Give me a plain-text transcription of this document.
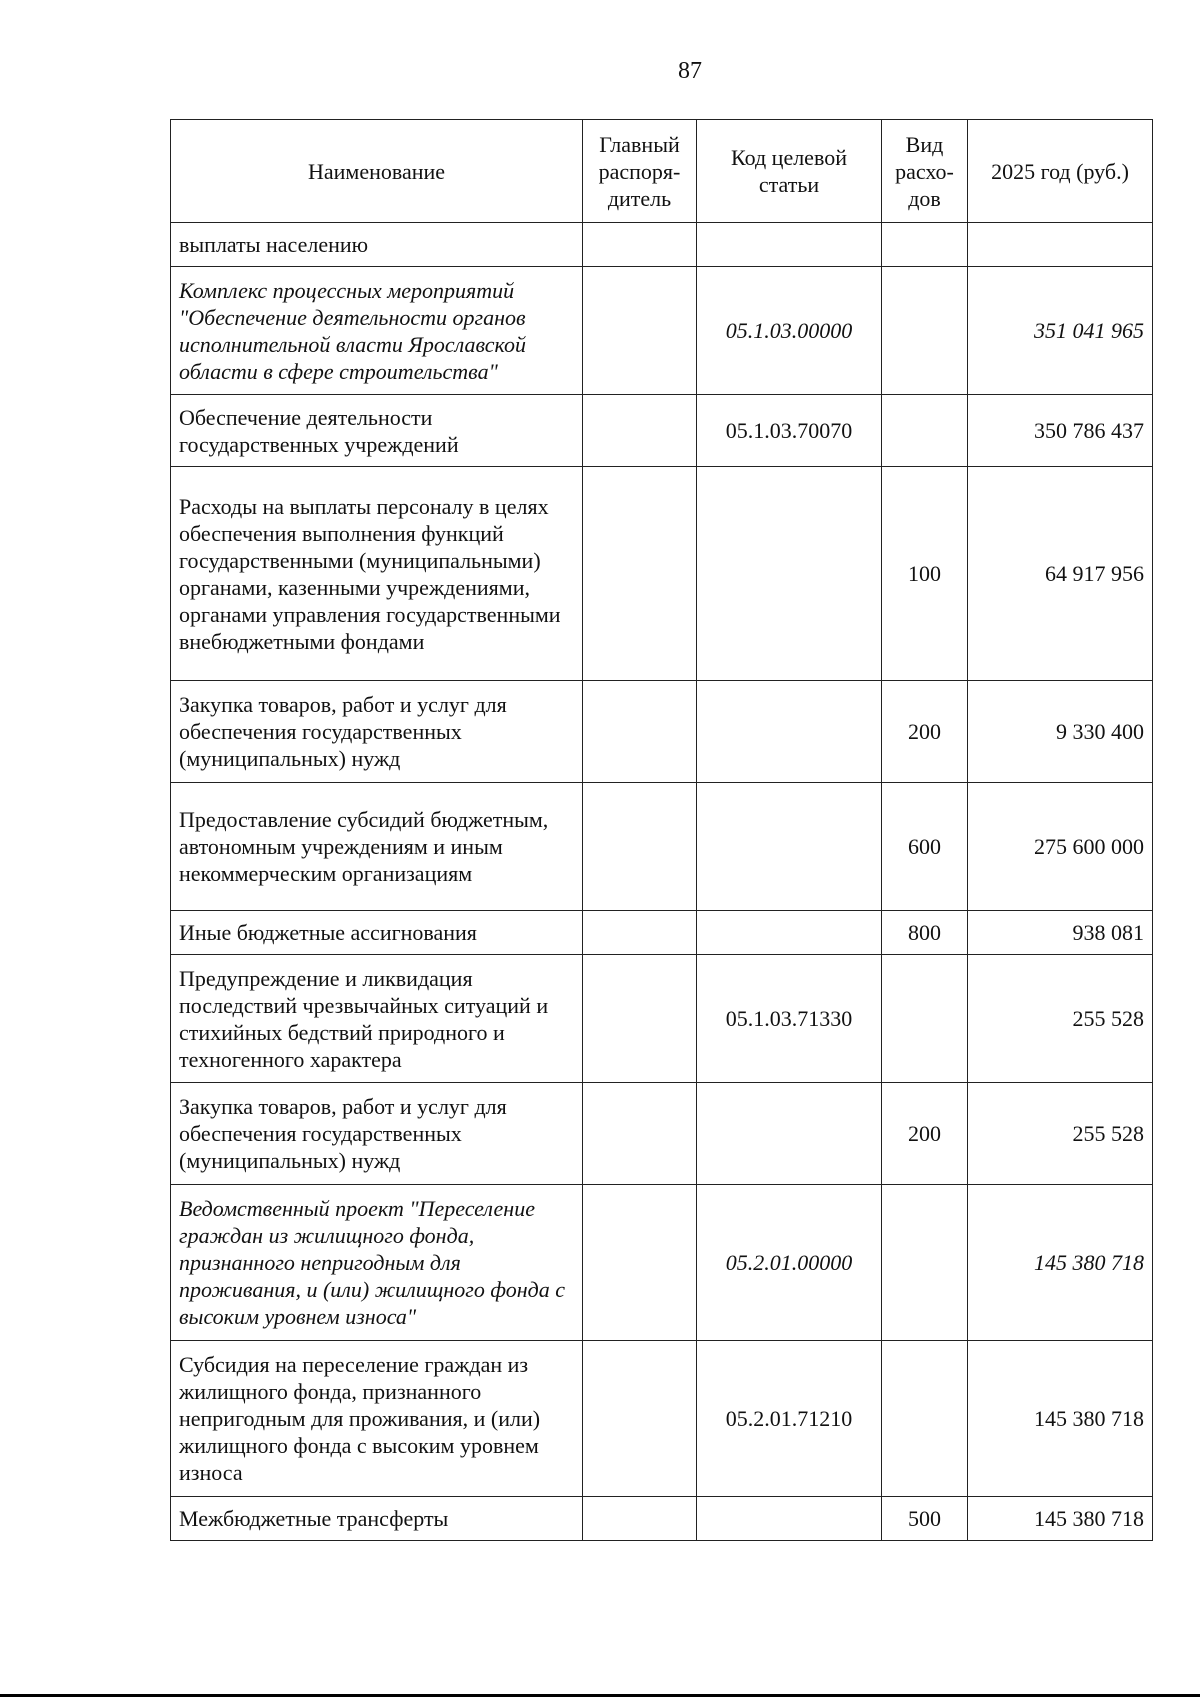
87
Наименование	Главный распоря-дитель	Код целевой статьи	Вид расхо-дов	2025 год (руб.)
выплаты населению				
Комплекс процессных мероприятий "Обеспечение деятельности органов исполнительной власти Ярославской области в сфере строительства"		05.1.03.00000		351 041 965
Обеспечение деятельности государственных учреждений		05.1.03.70070		350 786 437
Расходы на выплаты персоналу в целях обеспечения выполнения функций государственными (муниципальными) органами, казенными учреждениями, органами управления государственными внебюджетными фондами			100	64 917 956
Закупка товаров, работ и услуг для обеспечения государственных (муниципальных) нужд			200	9 330 400
Предоставление субсидий бюджетным, автономным учреждениям и иным некоммерческим организациям			600	275 600 000
Иные бюджетные ассигнования			800	938 081
Предупреждение и ликвидация последствий чрезвычайных ситуаций и стихийных бедствий природного и техногенного характера		05.1.03.71330		255 528
Закупка товаров, работ и услуг для обеспечения государственных (муниципальных) нужд			200	255 528
Ведомственный проект "Переселение граждан из жилищного фонда, признанного непригодным для проживания, и (или) жилищного фонда с высоким уровнем износа"		05.2.01.00000		145 380 718
Субсидия на переселение граждан из жилищного фонда, признанного непригодным для проживания, и (или) жилищного фонда с высоким уровнем износа		05.2.01.71210		145 380 718
Межбюджетные трансферты			500	145 380 718
